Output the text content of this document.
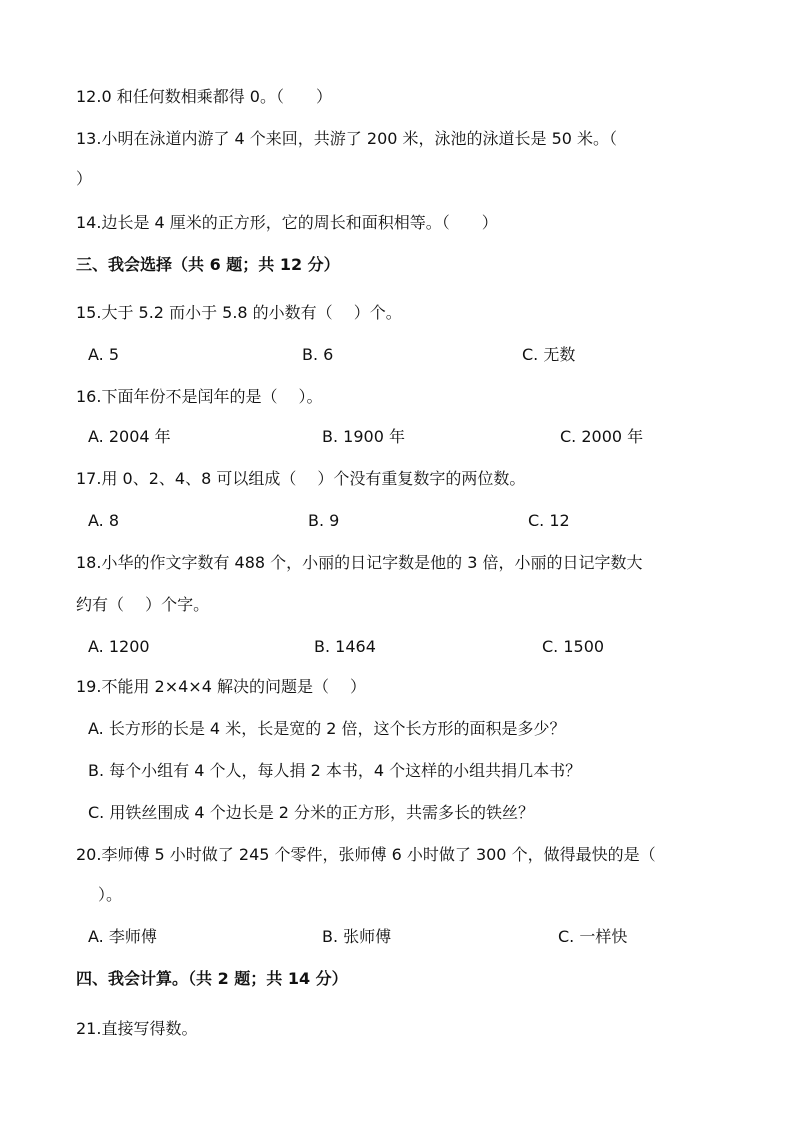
12.0 和任何数相乘都得 0。（　　）
13.小明在泳道内游了 4 个来回，共游了 200 米，泳池的泳道长是 50 米。（
）
14.边长是 4 厘米的正方形，它的周长和面积相等。（　　）
三、我会选择（共 6 题；共 12 分）
15.大于 5.2 而小于 5.8 的小数有（　 ）个。
A. 5	B. 6	C. 无数
16.下面年份不是闰年的是（　 ）。
A. 2004 年	B. 1900 年	C. 2000 年
17.用 0、2、4、8 可以组成（　 ）个没有重复数字的两位数。
A. 8	B. 9	C. 12
18.小华的作文字数有 488 个，小丽的日记字数是他的 3 倍，小丽的日记字数大
约有（　 ）个字。
A. 1200	B. 1464	C. 1500
19.不能用 2×4×4 解决的问题是（　 ）
A. 长方形的长是 4 米，长是宽的 2 倍，这个长方形的面积是多少？
B. 每个小组有 4 个人，每人捐 2 本书，4 个这样的小组共捐几本书？
C. 用铁丝围成 4 个边长是 2 分米的正方形，共需多长的铁丝？
20.李师傅 5 小时做了 245 个零件，张师傅 6 小时做了 300 个，做得最快的是（
）。
A. 李师傅	B. 张师傅	C. 一样快
四、我会计算。（共 2 题；共 14 分）
21.直接写得数。
